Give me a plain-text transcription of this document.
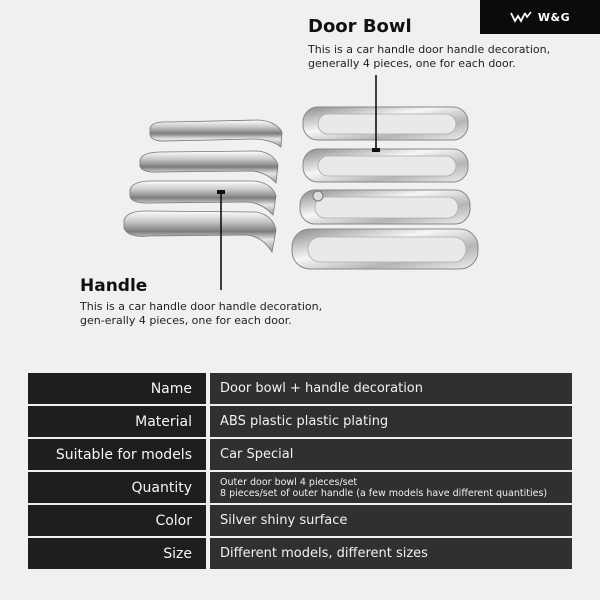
W&G
Door Bowl
This is a car handle door handle decoration, generally 4 pieces, one for each door.
Handle
This is a car handle door handle decoration, gen-erally 4 pieces, one for each door.
Name	Door bowl + handle decoration
Material	ABS plastic plastic plating
Suitable for models	Car Special
Quantity	Outer door bowl 4 pieces/set
8 pieces/set of outer handle (a few models have different quantities)

Color	Silver shiny surface
Size	Different models, different sizes
